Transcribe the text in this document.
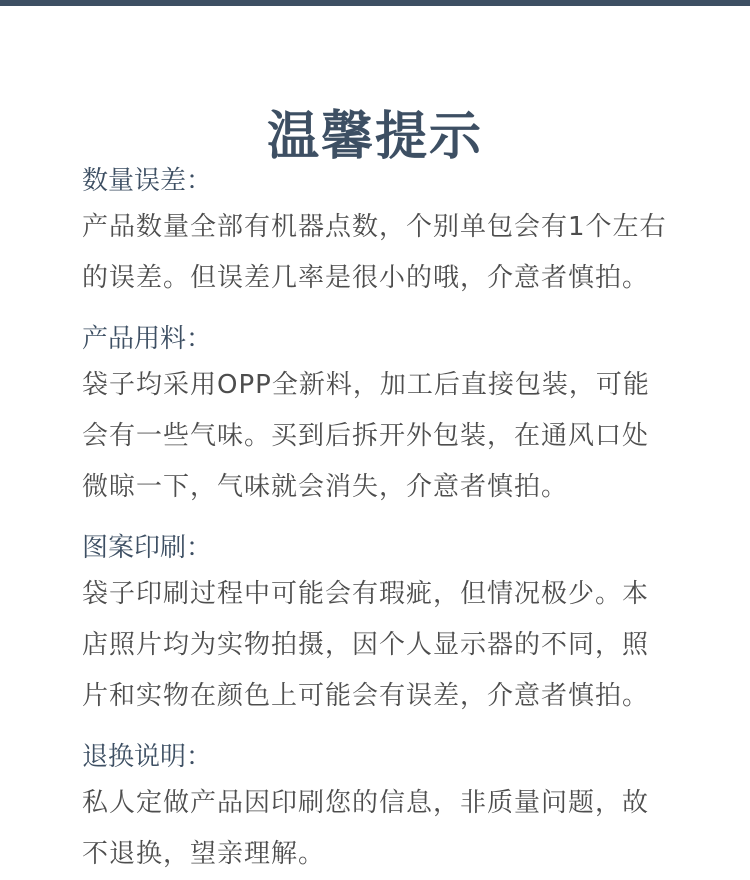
温馨提示

数量误差：

产品数量全部有机器点数，个别单包会有1个左右
的误差。但误差几率是很小的哦，介意者慎拍。

产品用料：

袋子均采用OPP全新料，加工后直接包装，可能
会有一些气味。买到后拆开外包装，在通风口处
微晾一下，气味就会消失，介意者慎拍。

图案印刷：

袋子印刷过程中可能会有瑕疵，但情况极少。本
店照片均为实物拍摄，因个人显示器的不同，照
片和实物在颜色上可能会有误差，介意者慎拍。

退换说明：

私人定做产品因印刷您的信息，非质量问题，故
不退换，望亲理解。
